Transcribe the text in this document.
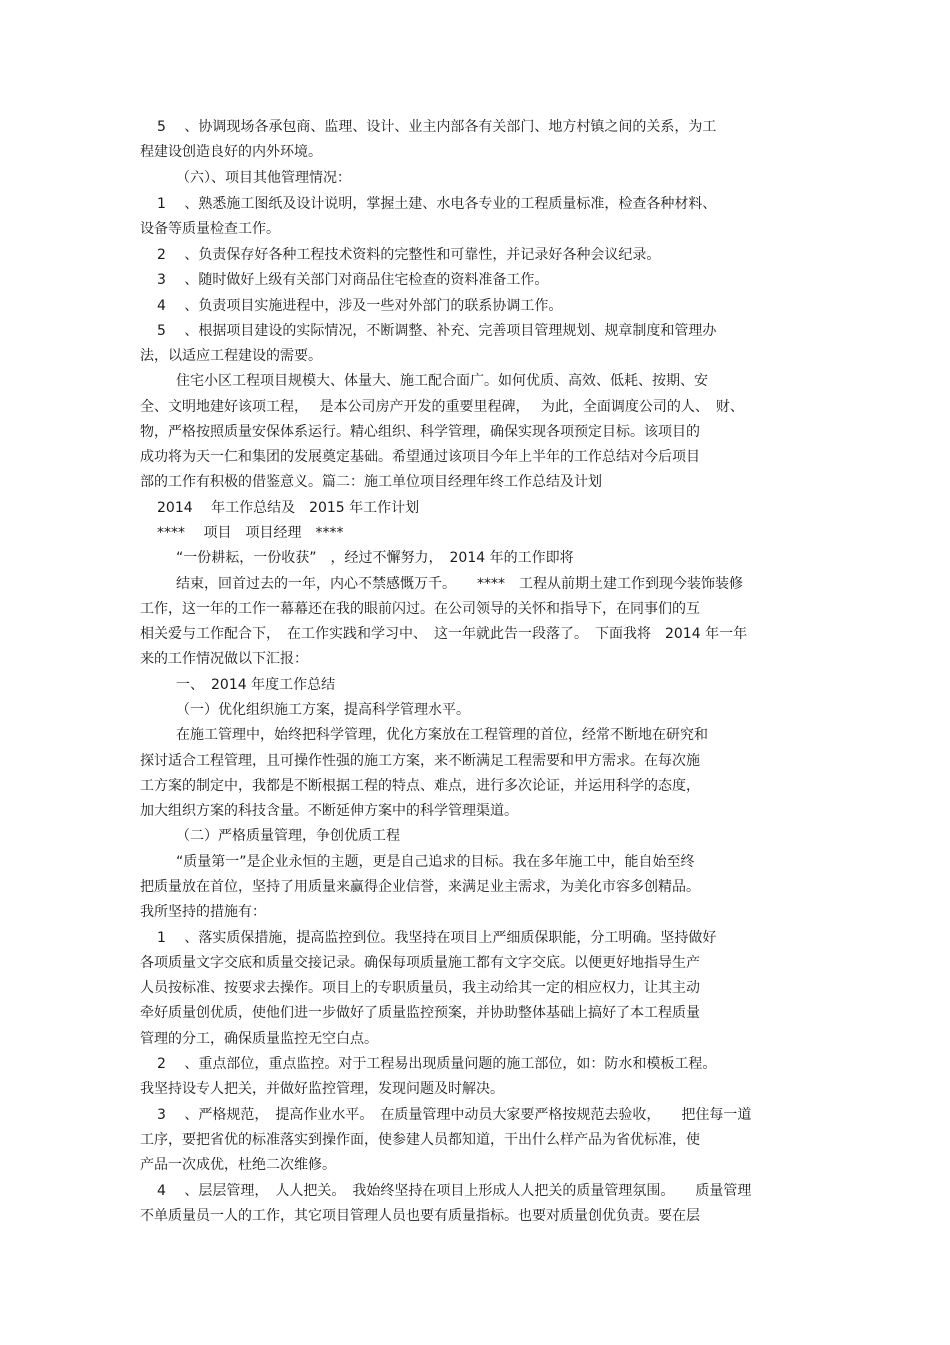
5　 、协调现场各承包商、监理、设计、业主内部各有关部门、地方村镇之间的关系，为工
程建设创造良好的内外环境。
（六）、项目其他管理情况：
1　 、熟悉施工图纸及设计说明，掌握土建、水电各专业的工程质量标准，检查各种材料、
设备等质量检查工作。
2　 、负责保存好各种工程技术资料的完整性和可靠性，并记录好各种会议纪录。
3　 、随时做好上级有关部门对商品住宅检查的资料准备工作。
4　 、负责项目实施进程中，涉及一些对外部门的联系协调工作。
5　 、根据项目建设的实际情况，不断调整、补充、完善项目管理规划、规章制度和管理办
法，以适应工程建设的需要。
住宅小区工程项目规模大、体量大、施工配合面广。如何优质、高效、低耗、按期、安
全、文明地建好该项工程，　 是本公司房产开发的重要里程碑，　 为此，全面调度公司的人、　财、
物，严格按照质量安保体系运行。精心组织、科学管理，确保实现各项预定目标。该项目的
成功将为天一仁和集团的发展奠定基础。希望通过该项目今年上半年的工作总结对今后项目
部的工作有积极的借鉴意义。篇二：施工单位项目经理年终工作总结及计划
2014　 年工作总结及　2015 年工作计划
****　 项目　项目经理　****
“一份耕耘，一份收获”　，经过不懈努力，　2014 年的工作即将
结束，回首过去的一年，内心不禁感慨万千。　　****　工程从前期土建工作到现今装饰装修
工作，这一年的工作一幕幕还在我的眼前闪过。在公司领导的关怀和指导下，在同事们的互
相关爱与工作配合下，　在工作实践和学习中、　这一年就此告一段落了。　下面我将　2014 年一年
来的工作情况做以下汇报：
一、　2014 年度工作总结
（一）优化组织施工方案，提高科学管理水平。
在施工管理中，始终把科学管理，优化方案放在工程管理的首位，经常不断地在研究和
探讨适合工程管理，且可操作性强的施工方案，来不断满足工程需要和甲方需求。在每次施
工方案的制定中，我都是不断根据工程的特点、难点，进行多次论证，并运用科学的态度，
加大组织方案的科技含量。不断延伸方案中的科学管理渠道。
（二）严格质量管理，争创优质工程
“质量第一”是企业永恒的主题，更是自己追求的目标。我在多年施工中，能自始至终
把质量放在首位，坚持了用质量来赢得企业信誉，来满足业主需求，为美化市容多创精品。
我所坚持的措施有：
1　 、落实质保措施，提高监控到位。我坚持在项目上严细质保职能，分工明确。坚持做好
各项质量文字交底和质量交接记录。确保每项质量施工都有文字交底。以便更好地指导生产
人员按标准、按要求去操作。项目上的专职质量员，我主动给其一定的相应权力，让其主动
牵好质量创优质，使他们进一步做好了质量监控预案，并协助整体基础上搞好了本工程质量
管理的分工，确保质量监控无空白点。
2　 、重点部位，重点监控。对于工程易出现质量问题的施工部位，如：防水和模板工程。
我坚持设专人把关，并做好监控管理，发现问题及时解决。
3　 、严格规范，　提高作业水平。　在质量管理中动员大家要严格按规范去验收，　　把住每一道
工序，要把省优的标准落实到操作面，使参建人员都知道，干出什么样产品为省优标准，使
产品一次成优，杜绝二次维修。
4　 、层层管理，　人人把关。　我始终坚持在项目上形成人人把关的质量管理氛围。　　质量管理
不单质量员一人的工作，其它项目管理人员也要有质量指标。也要对质量创优负责。要在层
